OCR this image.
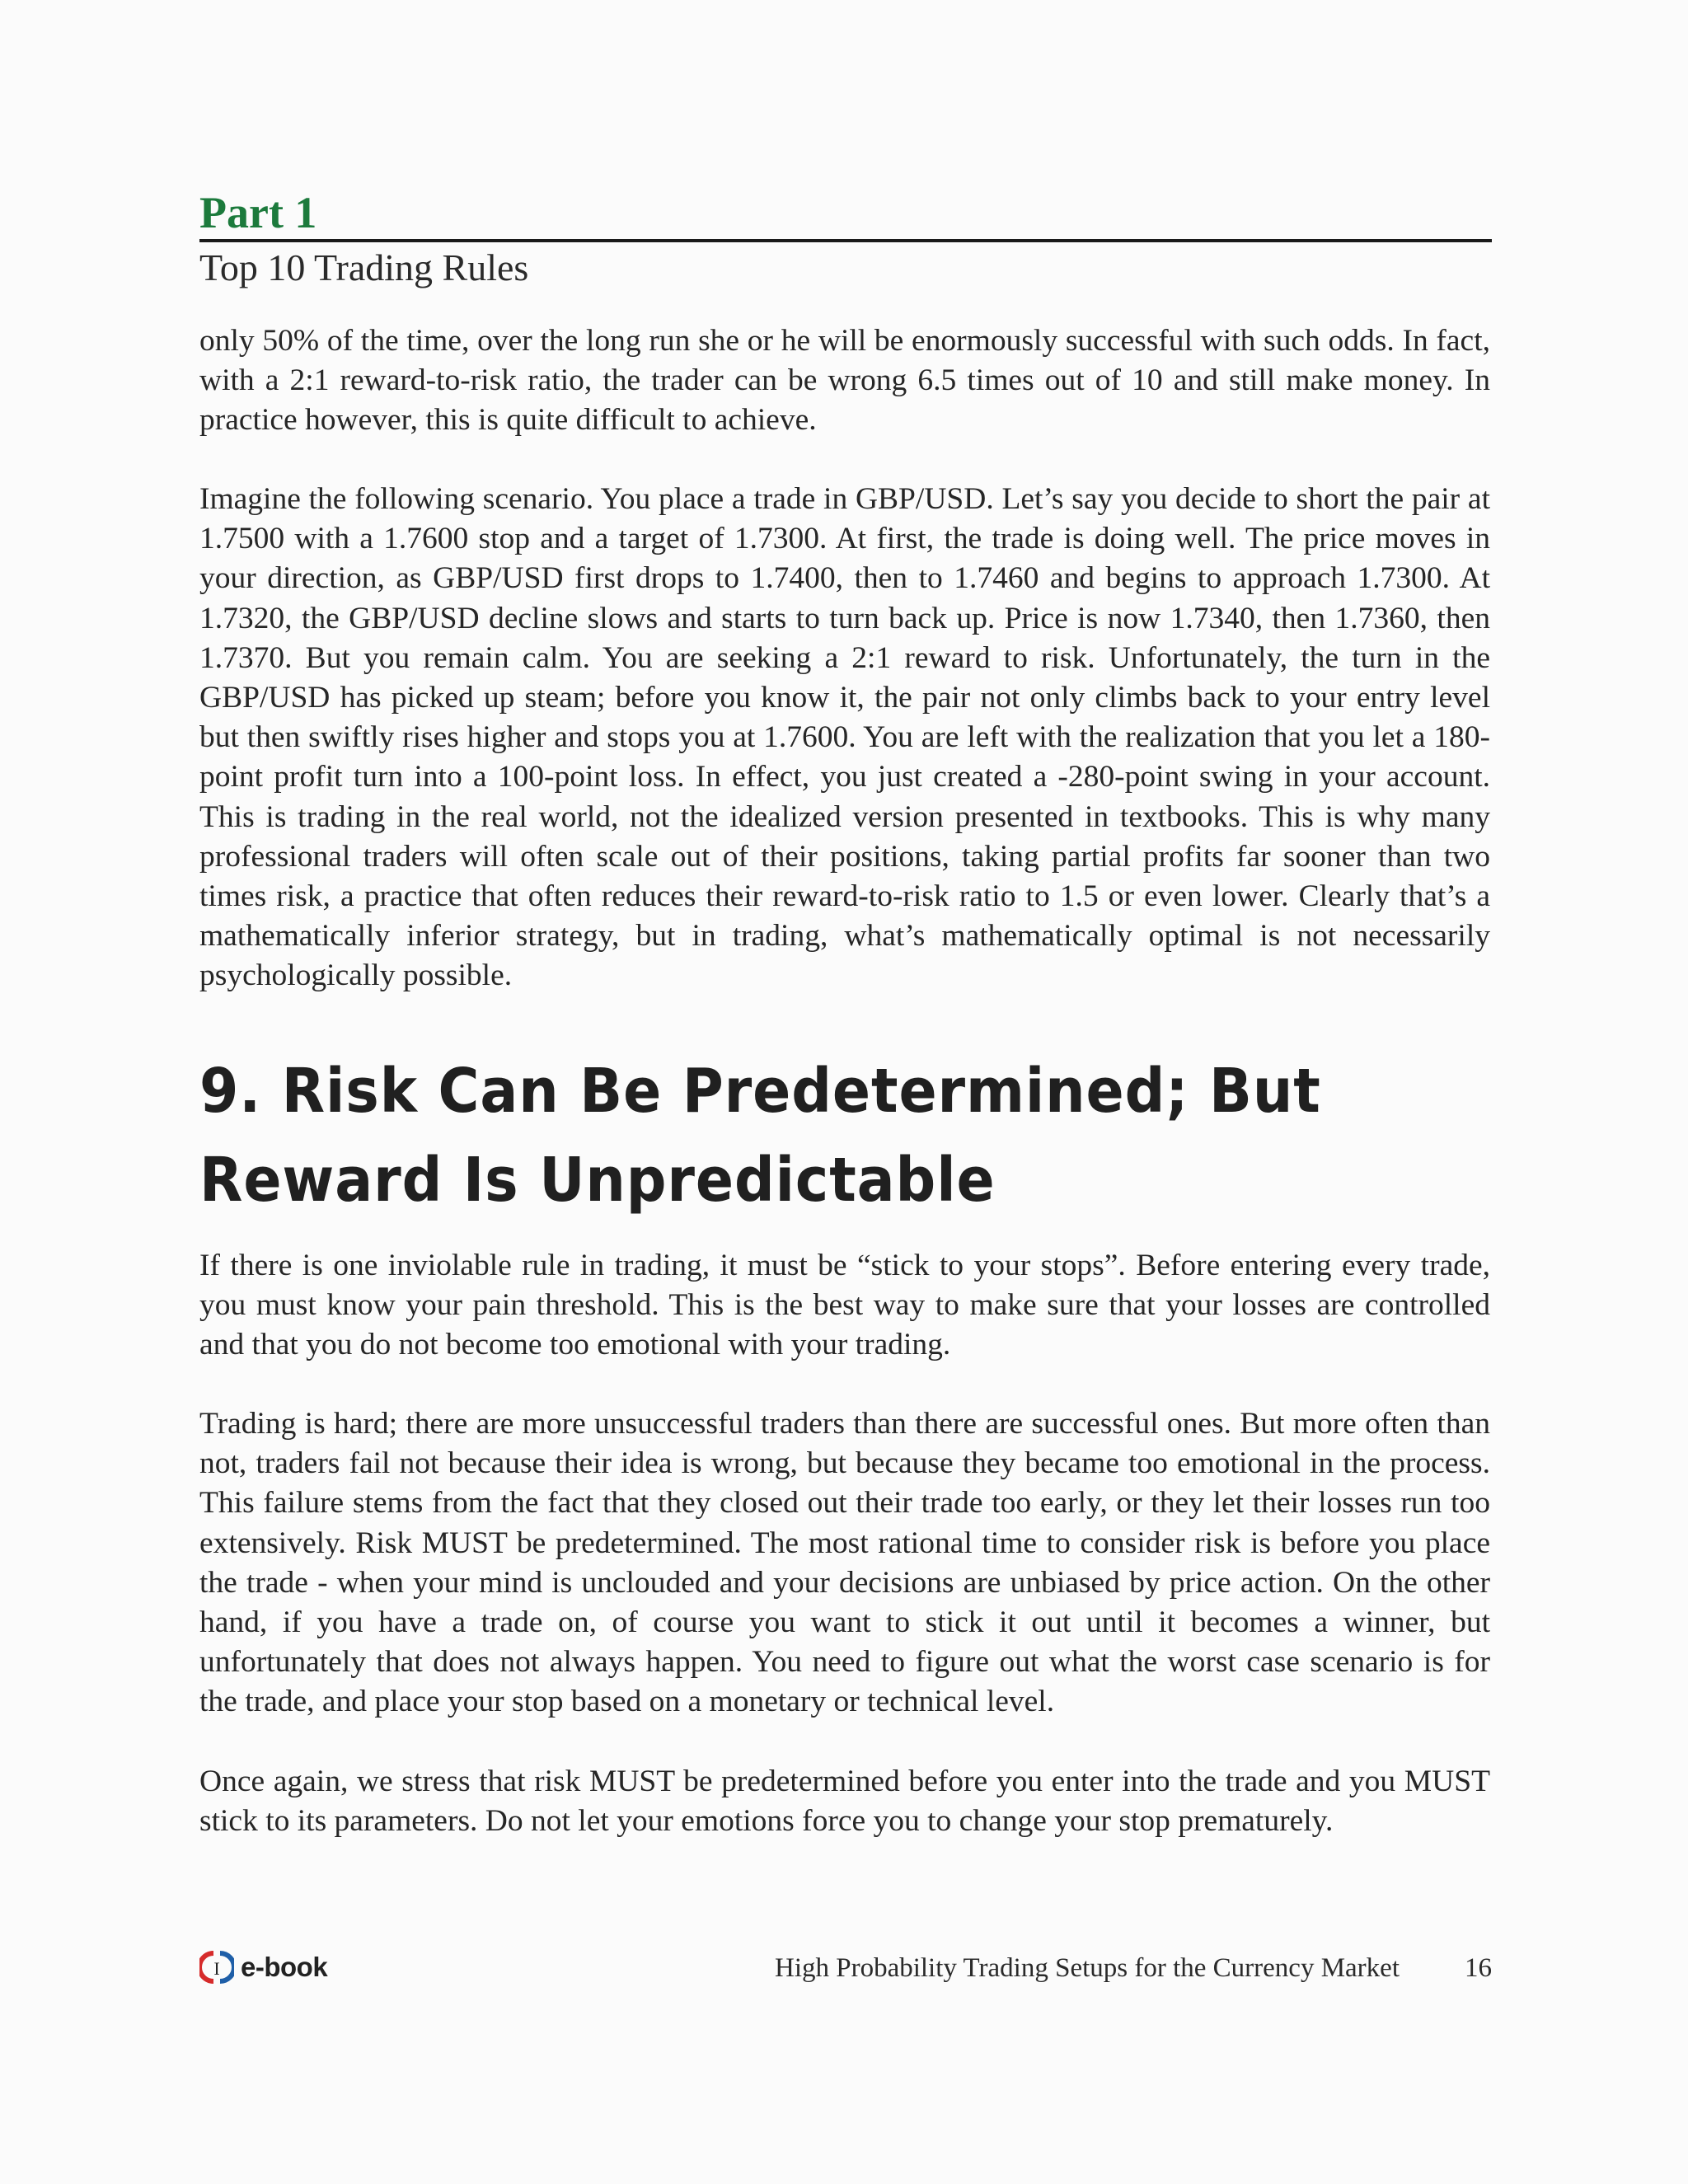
Part 1
Top 10 Trading Rules

only 50% of the time, over the long run she or he will be enormously successful with such odds. In fact, with a 2:1 reward-to-risk ratio, the trader can be wrong 6.5 times out of 10 and still make money. In practice however, this is quite difficult to achieve.

Imagine the following scenario. You place a trade in GBP/USD. Let’s say you decide to short the pair at 1.7500 with a 1.7600 stop and a target of 1.7300. At first, the trade is doing well. The price moves in your direction, as GBP/USD first drops to 1.7400, then to 1.7460 and begins to approach 1.7300. At 1.7320, the GBP/USD decline slows and starts to turn back up. Price is now 1.7340, then 1.7360, then 1.7370. But you remain calm. You are seeking a 2:1 reward to risk. Unfortunately, the turn in the GBP/USD has picked up steam; before you know it, the pair not only climbs back to your entry level but then swiftly rises higher and stops you at 1.7600. You are left with the realization that you let a 180-point profit turn into a 100-point loss. In effect, you just created a -280-point swing in your account. This is trading in the real world, not the idealized version presented in textbooks. This is why many professional traders will often scale out of their positions, taking partial profits far sooner than two times risk, a practice that often reduces their reward-to-risk ratio to 1.5 or even lower. Clearly that’s a mathematically inferior strategy, but in trading, what’s mathematically optimal is not necessarily psychologically possible.

9. Risk Can Be Predetermined; But Reward Is Unpredictable

If there is one inviolable rule in trading, it must be “stick to your stops”. Before entering every trade, you must know your pain threshold. This is the best way to make sure that your losses are controlled and that you do not become too emotional with your trading.

Trading is hard; there are more unsuccessful traders than there are successful ones. But more often than not, traders fail not because their idea is wrong, but because they became too emotional in the process. This failure stems from the fact that they closed out their trade too early, or they let their losses run too extensively. Risk MUST be predetermined. The most rational time to consider risk is before you place the trade - when your mind is unclouded and your decisions are unbiased by price action. On the other hand, if you have a trade on, of course you want to stick it out until it becomes a winner, but unfortunately that does not always happen. You need to figure out what the worst case scenario is for the trade, and place your stop based on a monetary or technical level.

Once again, we stress that risk MUST be predetermined before you enter into the trade and you MUST stick to its parameters. Do not let your emotions force you to change your stop prematurely.

I e-book	High Probability Trading Setups for the Currency Market 16
